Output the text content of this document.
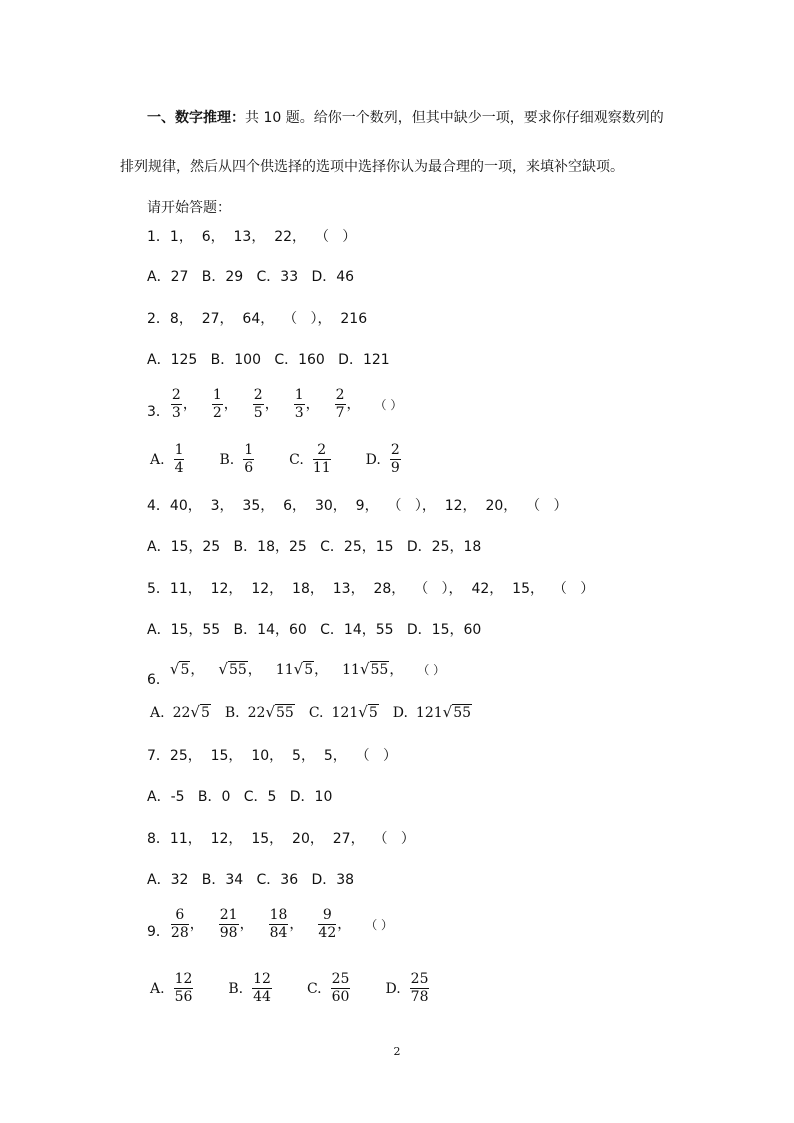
一、数字推理：共 10 题。给你一个数列，但其中缺少一项，要求你仔细观察数列的
排列规律，然后从四个供选择的选项中选择你认为最合理的一项，来填补空缺项。
请开始答题：
1．1，  6，  13，  22，  （   ）
A．27   B．29   C．33   D．46
2．8，  27，  64，  （   ），  216
A．125   B．100   C．160   D．121
3． $\frac{2}{3}$ ， $\frac{1}{2}$ ， $\frac{2}{5}$ ， $\frac{1}{3}$ ， $\frac{2}{7}$ ， （ ）
A. $\frac{1}{4}$	B. $\frac{1}{6}$	C. $\frac{2}{11}$	D. $\frac{2}{9}$
4．40，  3，  35，  6，  30，  9，  （   ），  12，  20，  （   ）
A．15，25   B．18，25   C．25，15   D．25，18
5．11，  12，  12，  18，  13，  28，  （   ），  42，  15，  （   ）
A．15，55   B．14，60   C．14，55   D．15，60
6．√5， √55， 11√5， 11√55， （ ）
A. 22√5 B. 22√55 C. 121√5 D. 121√55
7．25，  15，  10，  5，  5，  （   ）
A．-5   B．0   C．5   D．10
8．11，  12，  15，  20，  27，  （   ）
A．32   B．34   C．36   D．38
9． $\frac{6}{28}$ ， $\frac{21}{98}$ ， $\frac{18}{84}$ ， $\frac{9}{42}$ ， （ ）
A. $\frac{12}{56}$	B. $\frac{12}{44}$	C. $\frac{25}{60}$	D. $\frac{25}{78}$
2
